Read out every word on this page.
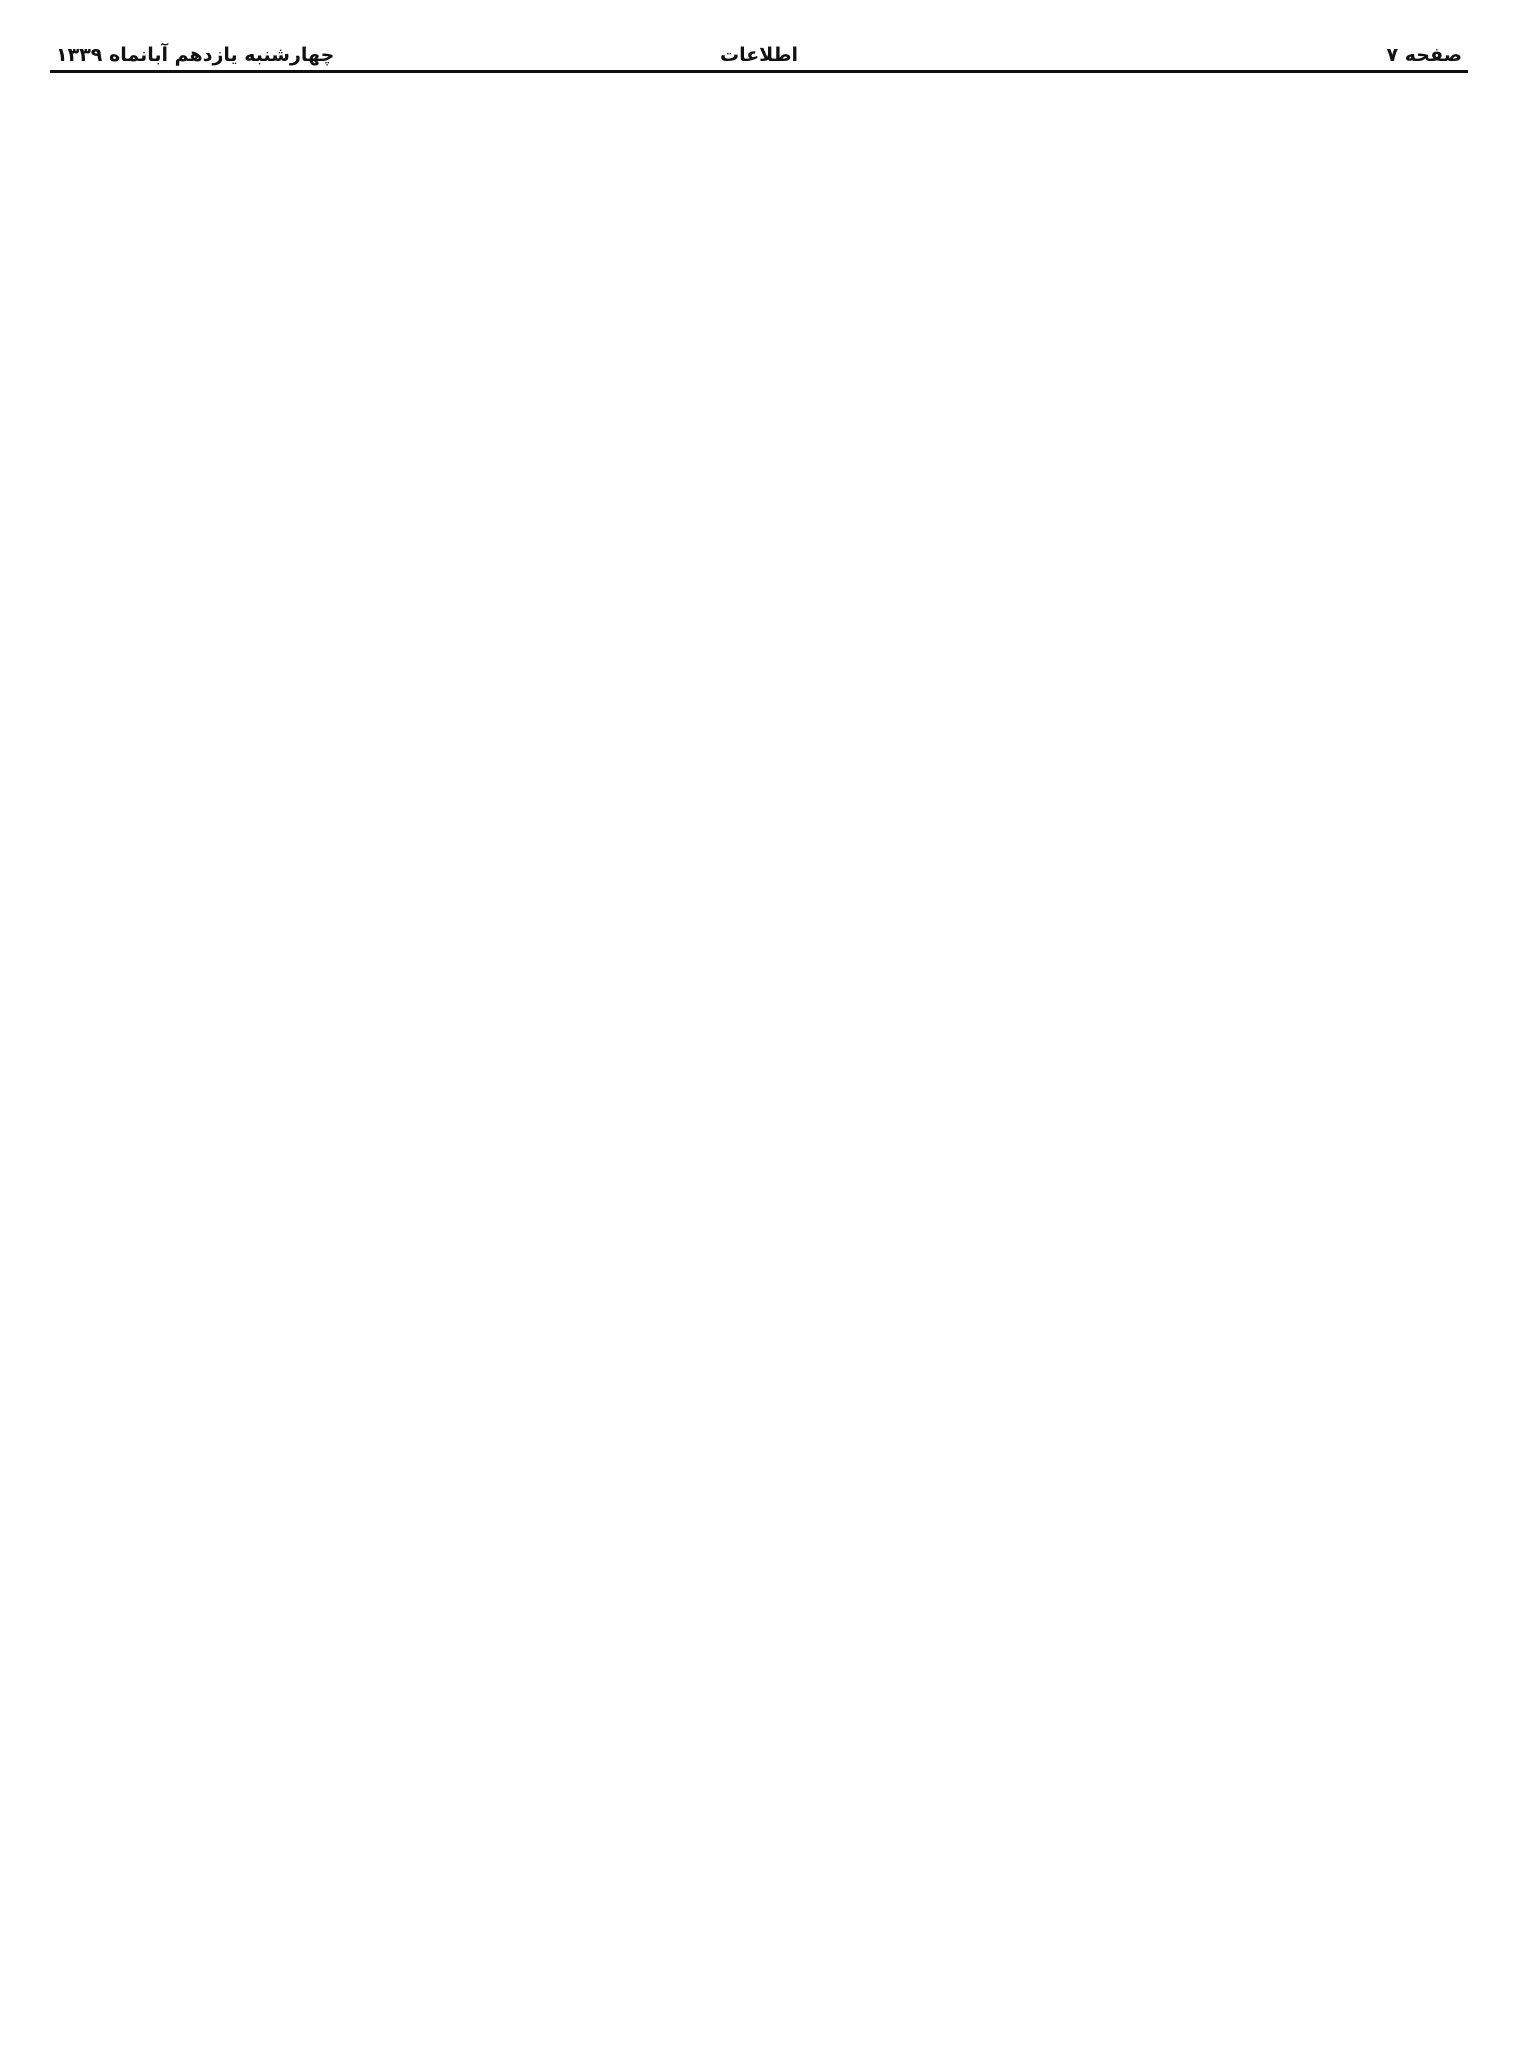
صفحه ۷
اطلاعات
چهارشنبه یازدهم آبانماه ۱۳۳۹
